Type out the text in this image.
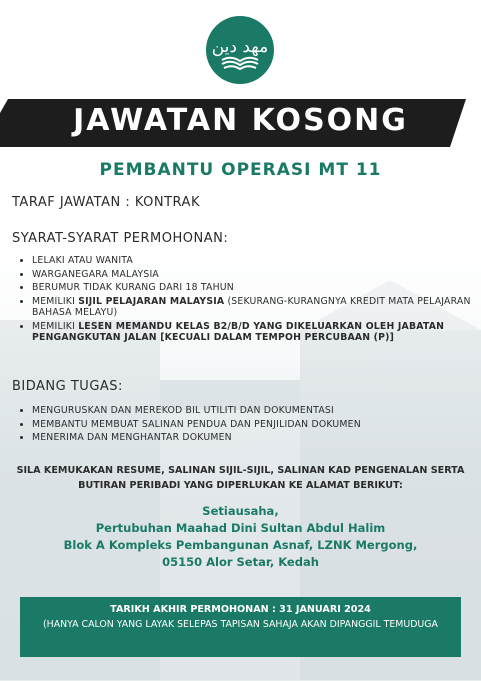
مهد دين
JAWATAN KOSONG
PEMBANTU OPERASI MT 11
TARAF JAWATAN : KONTRAK
SYARAT-SYARAT PERMOHONAN:
• LELAKI ATAU WANITA
• WARGANEGARA MALAYSIA
• BERUMUR TIDAK KURANG DARI 18 TAHUN
• MEMILIKI SIJIL PELAJARAN MALAYSIA (SEKURANG-KURANGNYA KREDIT MATA PELAJARAN BAHASA MELAYU)
• MEMILIKI LESEN MEMANDU KELAS B2/B/D YANG DIKELUARKAN OLEH JABATAN PENGANGKUTAN JALAN [KECUALI DALAM TEMPOH PERCUBAAN (P)]
BIDANG TUGAS:
• MENGURUSKAN DAN MEREKOD BIL UTILITI DAN DOKUMENTASI
• MEMBANTU MEMBUAT SALINAN PENDUA DAN PENJILIDAN DOKUMEN
• MENERIMA DAN MENGHANTAR DOKUMEN
SILA KEMUKAKAN RESUME, SALINAN SIJIL-SIJIL, SALINAN KAD PENGENALAN SERTA
BUTIRAN PERIBADI YANG DIPERLUKAN KE ALAMAT BERIKUT:
Setiausaha,
Pertubuhan Maahad Dini Sultan Abdul Halim
Blok A Kompleks Pembangunan Asnaf, LZNK Mergong,
05150 Alor Setar, Kedah
TARIKH AKHIR PERMOHONAN : 31 JANUARI 2024
(HANYA CALON YANG LAYAK SELEPAS TAPISAN SAHAJA AKAN DIPANGGIL TEMUDUGA
